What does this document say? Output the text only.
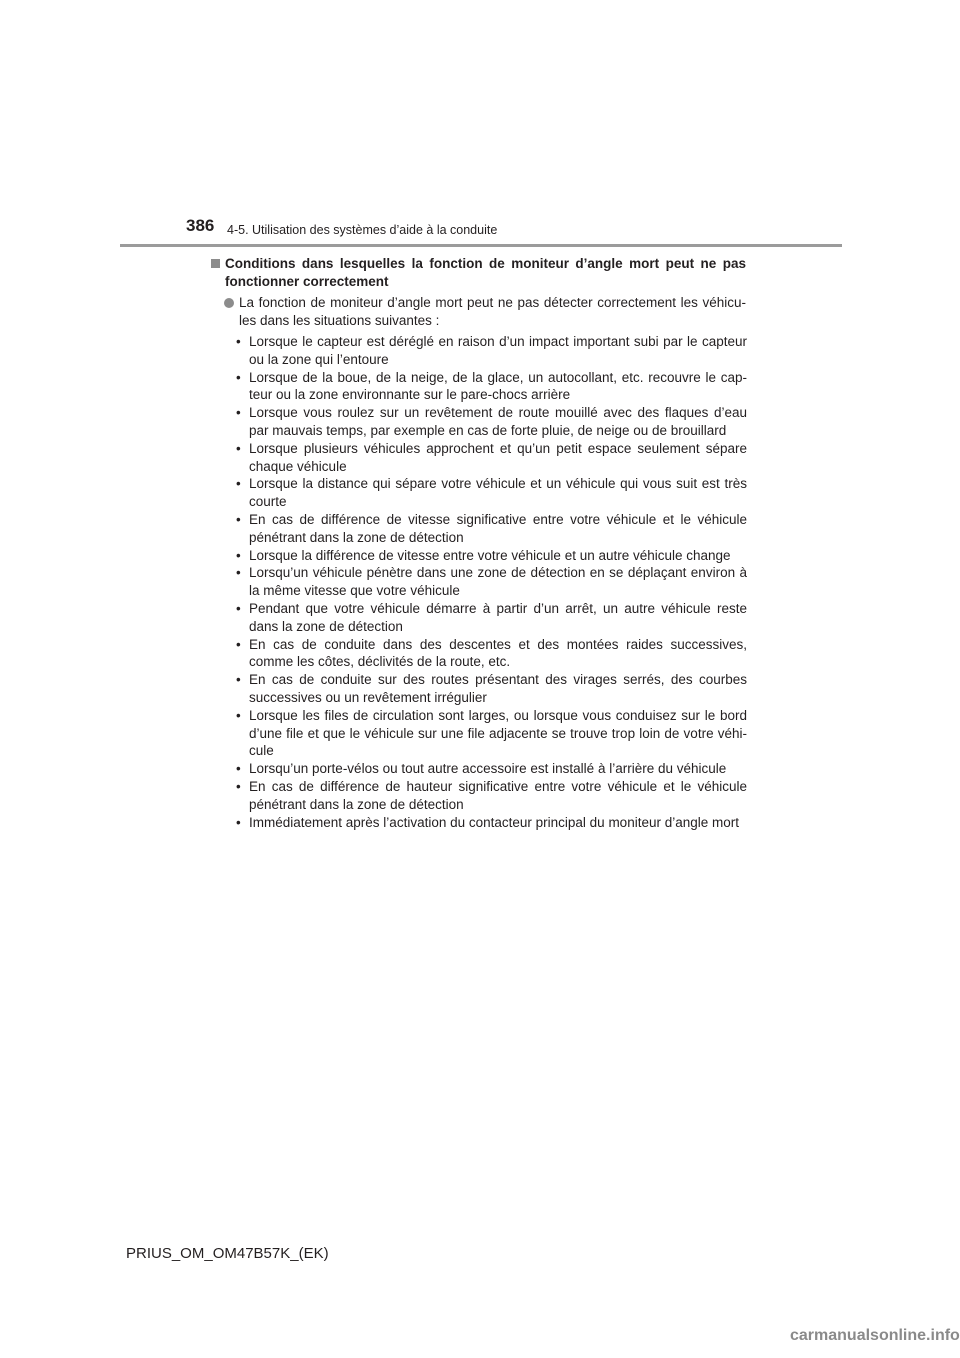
386 4-5. Utilisation des systèmes d’aide à la conduite
Conditions dans lesquelles la fonction de moniteur d’angle mort peut ne pas fonctionner correctement
La fonction de moniteur d’angle mort peut ne pas détecter correctement les véhicu-les dans les situations suivantes :
• Lorsque le capteur est déréglé en raison d’un impact important subi par le capteur ou la zone qui l’entoure
• Lorsque de la boue, de la neige, de la glace, un autocollant, etc. recouvre le cap-teur ou la zone environnante sur le pare-chocs arrière
• Lorsque vous roulez sur un revêtement de route mouillé avec des flaques d’eau par mauvais temps, par exemple en cas de forte pluie, de neige ou de brouillard
• Lorsque plusieurs véhicules approchent et qu’un petit espace seulement sépare chaque véhicule
• Lorsque la distance qui sépare votre véhicule et un véhicule qui vous suit est très courte
• En cas de différence de vitesse significative entre votre véhicule et le véhicule pénétrant dans la zone de détection
• Lorsque la différence de vitesse entre votre véhicule et un autre véhicule change
• Lorsqu’un véhicule pénètre dans une zone de détection en se déplaçant environ à la même vitesse que votre véhicule
• Pendant que votre véhicule démarre à partir d’un arrêt, un autre véhicule reste dans la zone de détection
• En cas de conduite dans des descentes et des montées raides successives, comme les côtes, déclivités de la route, etc.
• En cas de conduite sur des routes présentant des virages serrés, des courbes successives ou un revêtement irrégulier
• Lorsque les files de circulation sont larges, ou lorsque vous conduisez sur le bord d’une file et que le véhicule sur une file adjacente se trouve trop loin de votre véhi-cule
• Lorsqu’un porte-vélos ou tout autre accessoire est installé à l’arrière du véhicule
• En cas de différence de hauteur significative entre votre véhicule et le véhicule pénétrant dans la zone de détection
• Immédiatement après l’activation du contacteur principal du moniteur d’angle mort
PRIUS_OM_OM47B57K_(EK)
carmanualsonline.info
